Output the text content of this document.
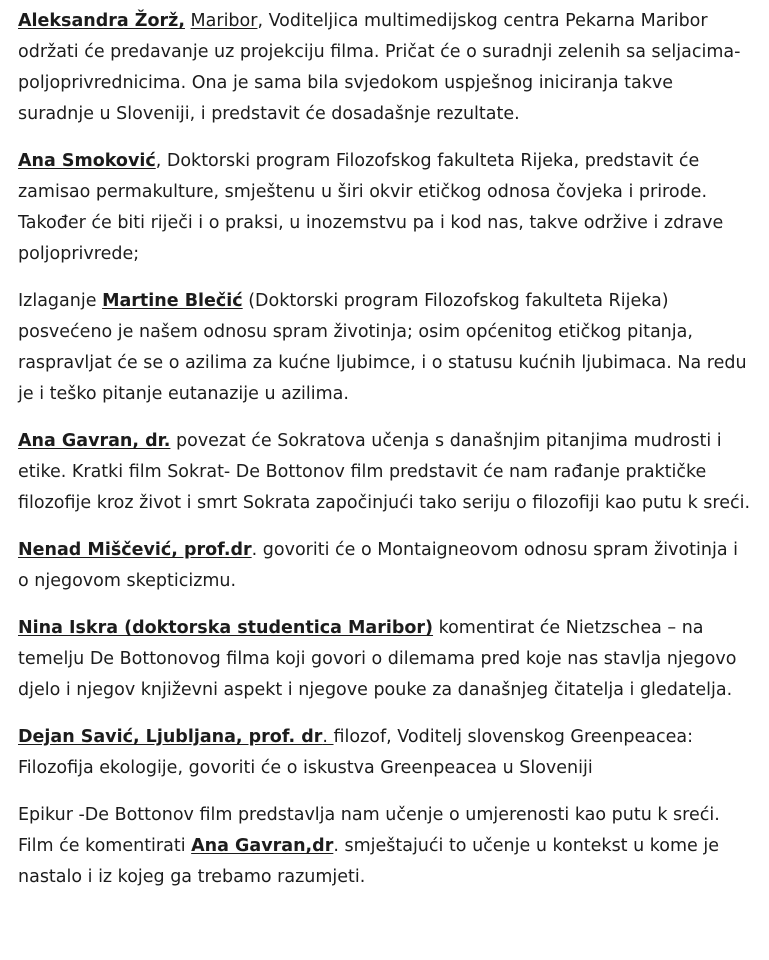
Aleksandra Žorž, Maribor, Voditeljica multimedijskog centra Pekarna Maribor održati će predavanje uz projekciju filma. Pričat će o suradnji zelenih sa seljacima-poljoprivrednicima. Ona je sama bila svjedokom uspješnog iniciranja takve suradnje u Sloveniji, i predstavit će dosadašnje rezultate.

Ana Smoković, Doktorski program Filozofskog fakulteta Rijeka, predstavit će zamisao permakulture, smještenu u širi okvir etičkog odnosa čovjeka i prirode. Također će biti riječi i o praksi, u inozemstvu pa i kod nas, takve održive i zdrave poljoprivrede;

Izlaganje Martine Blečić (Doktorski program Filozofskog fakulteta Rijeka) posvećeno je našem odnosu spram životinja; osim općenitog etičkog pitanja, raspravljat će se o azilima za kućne ljubimce, i o statusu kućnih ljubimaca. Na redu je i teško pitanje eutanazije u azilima.

Ana Gavran, dr. povezat će Sokratova učenja s današnjim pitanjima mudrosti i etike. Kratki film Sokrat- De Bottonov film predstavit će nam rađanje praktičke filozofije kroz život i smrt Sokrata započinjući tako seriju o filozofiji kao putu k sreći.

Nenad Miščević, prof.dr. govoriti će o Montaigneovom odnosu spram životinja i o njegovom skepticizmu.

Nina Iskra (doktorska studentica Maribor) komentirat će Nietzschea – na temelju De Bottonovog filma koji govori o dilemama pred koje nas stavlja njegovo djelo i njegov književni aspekt i njegove pouke za današnjeg čitatelja i gledatelja.

Dejan Savić, Ljubljana, prof. dr. filozof, Voditelj slovenskog Greenpeacea: Filozofija ekologije, govoriti će o iskustva Greenpeacea u Sloveniji

Epikur -De Bottonov film predstavlja nam učenje o umjerenosti kao putu k sreći. Film će komentirati Ana Gavran,dr. smještajući to učenje u kontekst u kome je nastalo i iz kojeg ga trebamo razumjeti.
